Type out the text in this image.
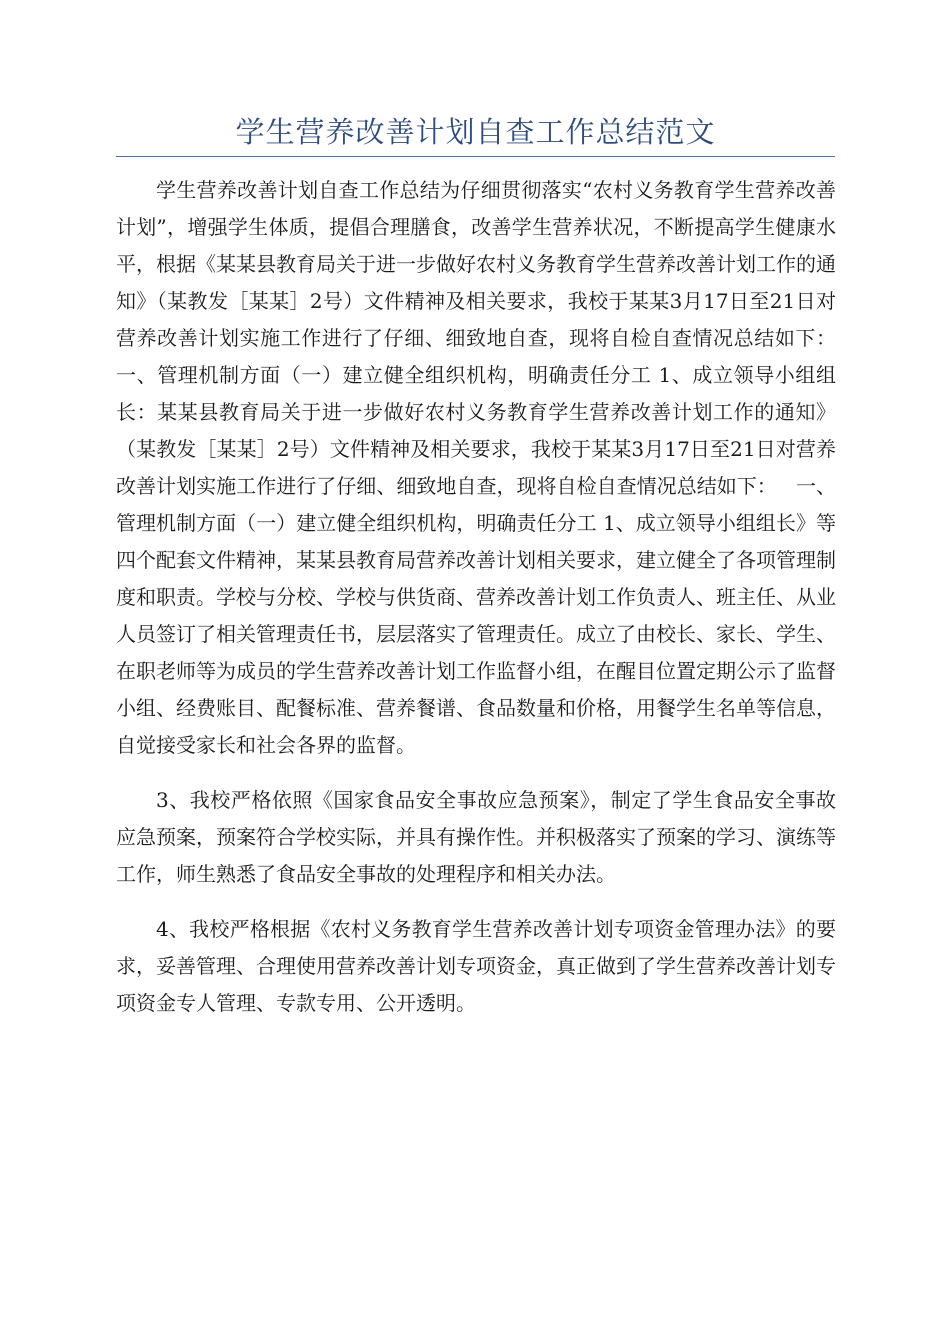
学生营养改善计划自查工作总结范文

学生营养改善计划自查工作总结为仔细贯彻落实“农村义务教育学生营养改善计划”，增强学生体质，提倡合理膳食，改善学生营养状况，不断提高学生健康水平，根据《某某县教育局关于进一步做好农村义务教育学生营养改善计划工作的通知》（某教发［某某］2号）文件精神及相关要求，我校于某某3月17日至21日对营养改善计划实施工作进行了仔细、细致地自查，现将自检自查情况总结如下：   一、管理机制方面（一）建立健全组织机构，明确责任分工 1、成立领导小组组长：某某县教育局关于进一步做好农村义务教育学生营养改善计划工作的通知》（某教发［某某］2号）文件精神及相关要求，我校于某某3月17日至21日对营养改善计划实施工作进行了仔细、细致地自查，现将自检自查情况总结如下：   一、管理机制方面（一）建立健全组织机构，明确责任分工 1、成立领导小组组长》等四个配套文件精神，某某县教育局营养改善计划相关要求，建立健全了各项管理制度和职责。学校与分校、学校与供货商、营养改善计划工作负责人、班主任、从业人员签订了相关管理责任书，层层落实了管理责任。成立了由校长、家长、学生、在职老师等为成员的学生营养改善计划工作监督小组，在醒目位置定期公示了监督小组、经费账目、配餐标准、营养餐谱、食品数量和价格，用餐学生名单等信息，自觉接受家长和社会各界的监督。

3、我校严格依照《国家食品安全事故应急预案》，制定了学生食品安全事故应急预案，预案符合学校实际，并具有操作性。并积极落实了预案的学习、演练等工作，师生熟悉了食品安全事故的处理程序和相关办法。

4、我校严格根据《农村义务教育学生营养改善计划专项资金管理办法》的要求，妥善管理、合理使用营养改善计划专项资金，真正做到了学生营养改善计划专项资金专人管理、专款专用、公开透明。
